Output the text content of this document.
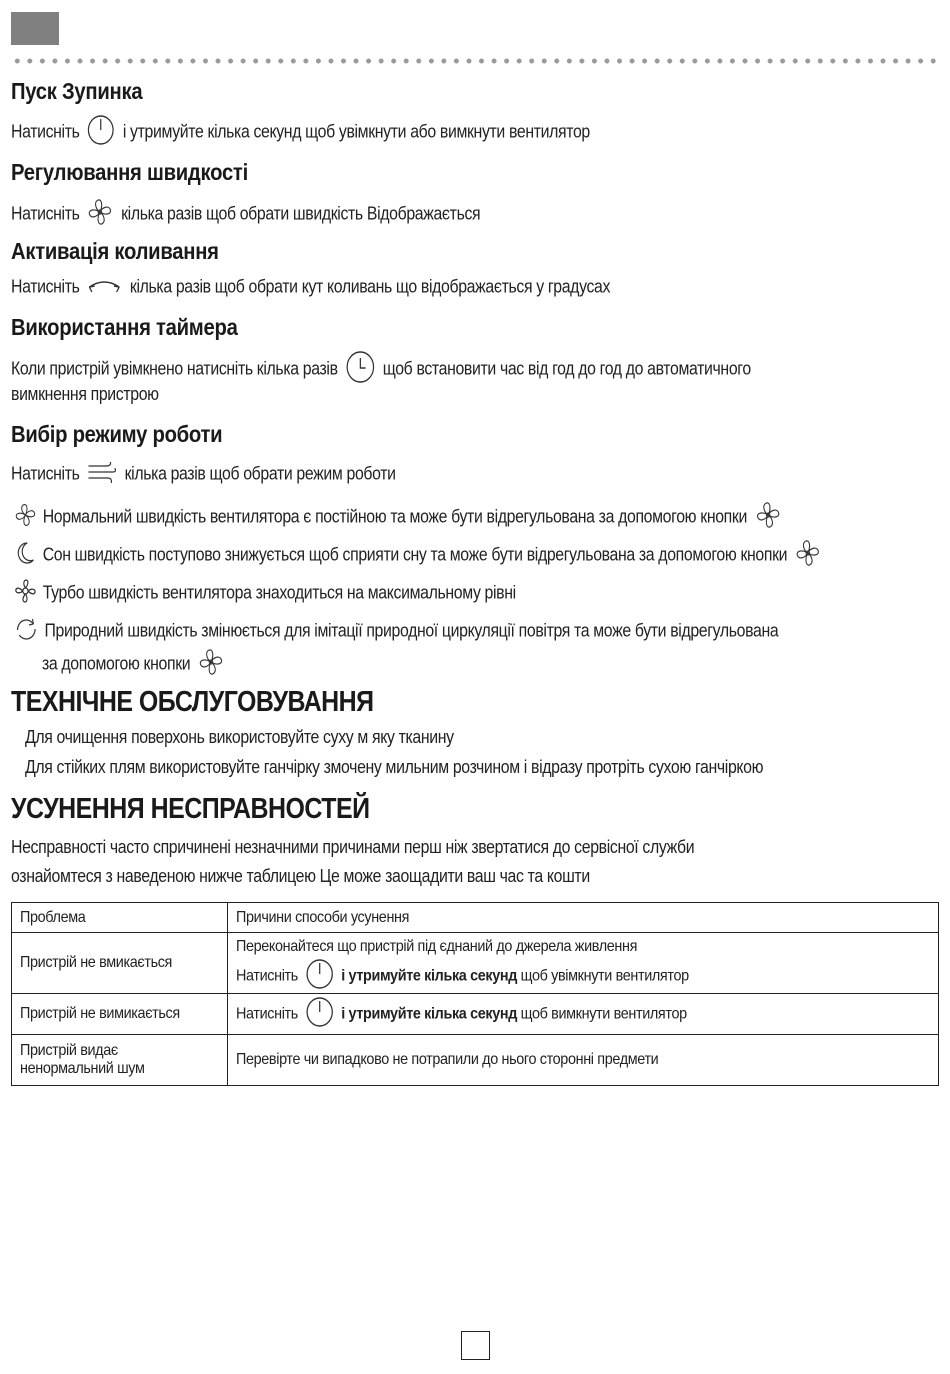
Пуск Зупинка
Натисніть і утримуйте кілька секунд щоб увімкнути або вимкнути вентилятор
Регулювання швидкості
Натисніть кілька разів щоб обрати швидкість Відображається
Активація коливання
Натисніть	кілька разів щоб обрати кут коливань що відображається у градусах
Використання таймера
Коли пристрій увімкнено натисніть кілька разів	щоб встановити час від год до год до автоматичного
вимкнення пристрою
Вибір режиму роботи
Натисніть	кілька разів щоб обрати режим роботи
Нормальний швидкість вентилятора є постійною та може бути відрегульована за допомогою кнопки
Сон швидкість поступово знижується щоб сприяти сну та може бути відрегульована за допомогою кнопки
Турбо швидкість вентилятора знаходиться на максимальному рівні
Природний швидкість змінюється для імітації природної циркуляції повітря та може бути відрегульована
за допомогою кнопки
ТЕХНІЧНЕ ОБСЛУГОВУВАННЯ
Для очищення поверхонь використовуйте суху м яку тканину
Для стійких плям використовуйте ганчірку змочену мильним розчином і відразу протріть сухою ганчіркою
УСУНЕННЯ НЕСПРАВНОСТЕЙ
Несправності часто спричинені незначними причинами перш ніж звертатися до сервісної служби
ознайомтеся з наведеною нижче таблицею Це може заощадити ваш час та кошти
Проблема	Причини способи усунення
Пристрій не вмикається	Переконайтеся що пристрій під єднаний до джерела живлення
Натисніть і утримуйте кілька секунд щоб увімкнути вентилятор

Пристрій не вимикається	Натисніть і утримуйте кілька секунд щоб вимкнути вентилятор

Пристрій видає
ненормальний шум	Перевірте чи випадково не потрапили до нього сторонні предмети
